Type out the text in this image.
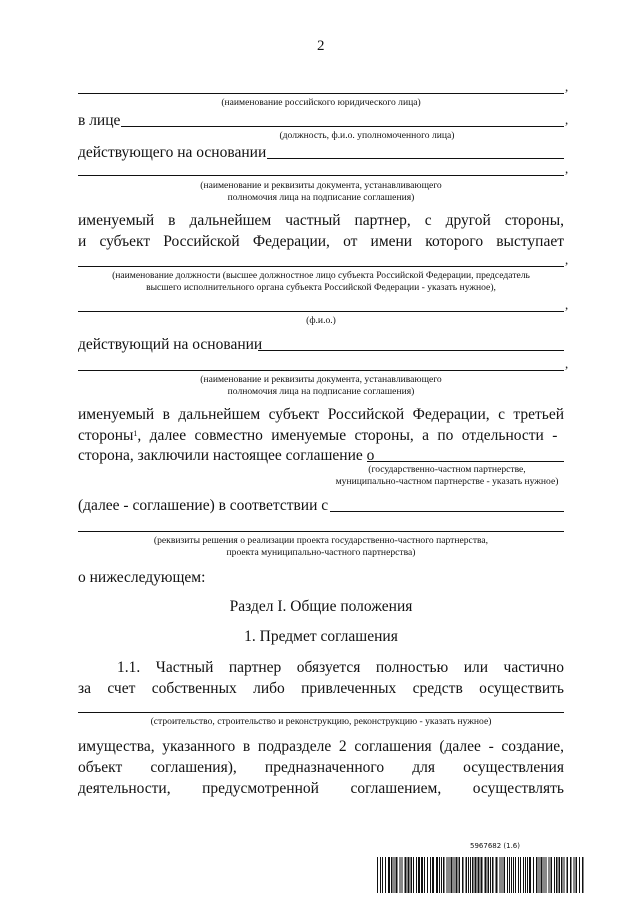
2
,
(наименование российского юридического лица)
в лице	,
(должность, ф.и.о. уполномоченного лица)
действующего на основании
,
(наименование и реквизиты документа, устанавливающего
полномочия лица на подписание соглашения)
именуемый в дальнейшем частный партнер, с другой стороны,
и субъект Российской Федерации, от имени которого выступает
,
(наименование должности (высшее должностное лицо субъекта Российской Федерации, председатель
высшего исполнительного органа субъекта Российской Федерации - указать нужное),
,
(ф.и.о.)
действующий на основании
,
(наименование и реквизиты документа, устанавливающего
полномочия лица на подписание соглашения)
именуемый в дальнейшем субъект Российской Федерации, с третьей
стороны$^1$, далее совместно именуемые стороны, а по отдельности -
сторона, заключили настоящее соглашение о
(государственно-частном партнерстве,
муниципально-частном партнерстве - указать нужное)
(далее - соглашение) в соответствии с
(реквизиты решения о реализации проекта государственно-частного партнерства,
проекта муниципально-частного партнерства)
о нижеследующем:
Раздел I. Общие положения
1. Предмет соглашения
1.1. Частный партнер обязуется полностью или частично
за счет собственных либо привлеченных средств осуществить
(строительство, строительство и реконструкцию, реконструкцию - указать нужное)
имущества, указанного в подразделе 2 соглашения (далее - создание,
объект соглашения), предназначенного для осуществления
деятельности, предусмотренной соглашением, осуществлять
5967682 (1.6)
